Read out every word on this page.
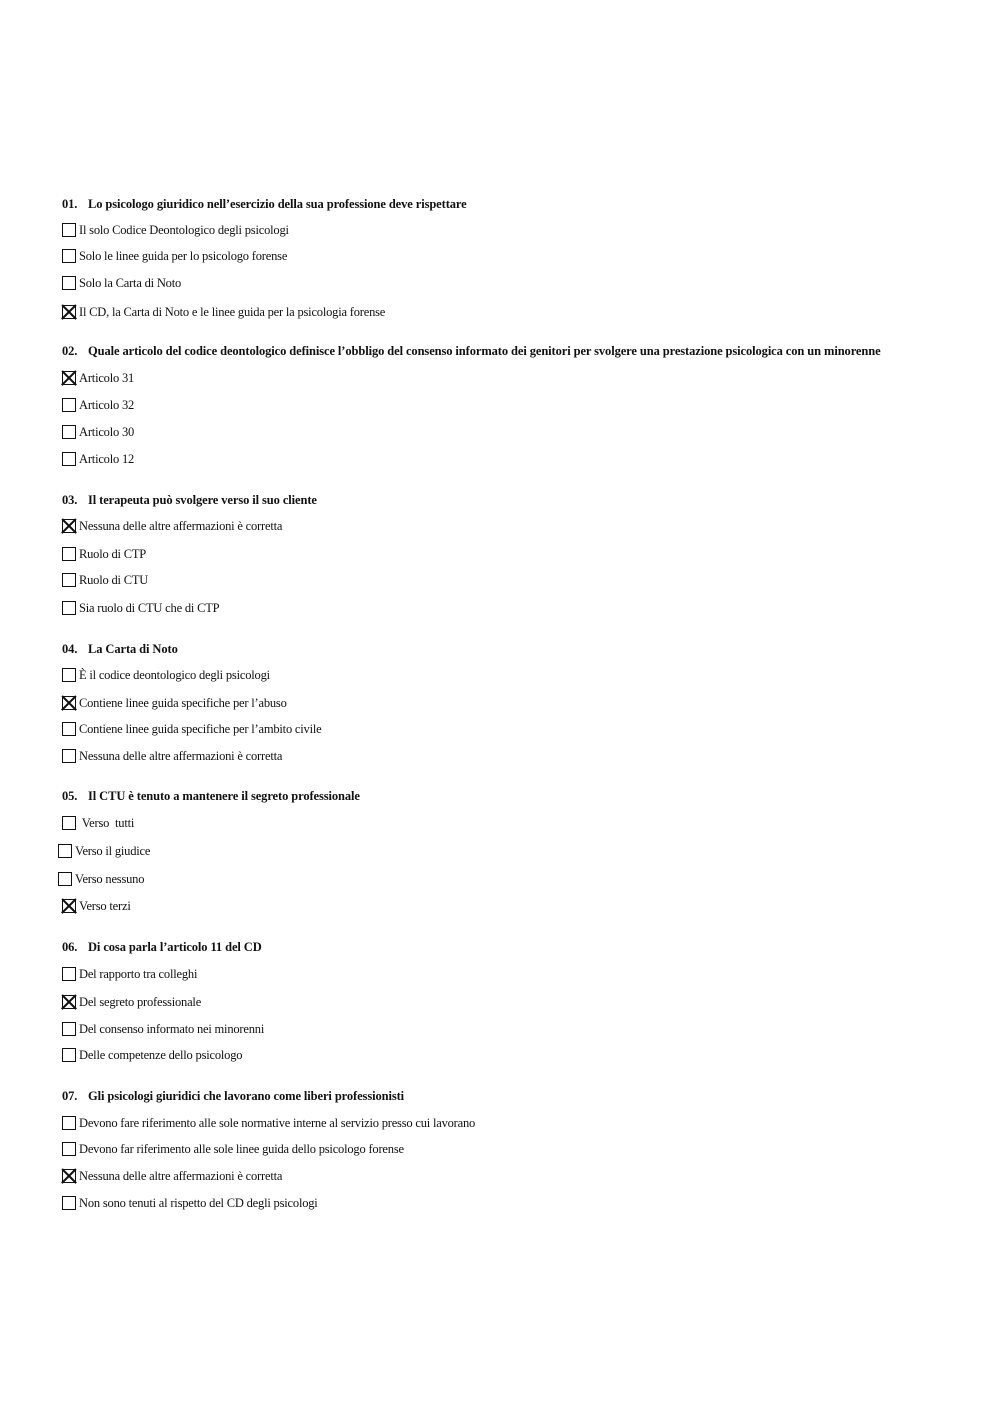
01. Lo psicologo giuridico nell’esercizio della sua professione deve rispettare
Il solo Codice Deontologico degli psicologi
Solo le linee guida per lo psicologo forense
Solo la Carta di Noto
Il CD, la Carta di Noto e le linee guida per la psicologia forense
02. Quale articolo del codice deontologico definisce l’obbligo del consenso informato dei genitori per svolgere una prestazione psicologica con un minorenne
Articolo 31
Articolo 32
Articolo 30
Articolo 12
03. Il terapeuta può svolgere verso il suo cliente
Nessuna delle altre affermazioni è corretta
Ruolo di CTP
Ruolo di CTU
Sia ruolo di CTU che di CTP
04. La Carta di Noto
È il codice deontologico degli psicologi
Contiene linee guida specifiche per l’abuso
Contiene linee guida specifiche per l’ambito civile
Nessuna delle altre affermazioni è corretta
05. Il CTU è tenuto a mantenere il segreto professionale
Verso  tutti
Verso il giudice
Verso nessuno
Verso terzi
06. Di cosa parla l’articolo 11 del CD
Del rapporto tra colleghi
Del segreto professionale
Del consenso informato nei minorenni
Delle competenze dello psicologo
07. Gli psicologi giuridici che lavorano come liberi professionisti
Devono fare riferimento alle sole normative interne al servizio presso cui lavorano
Devono far riferimento alle sole linee guida dello psicologo forense
Nessuna delle altre affermazioni è corretta
Non sono tenuti al rispetto del CD degli psicologi
